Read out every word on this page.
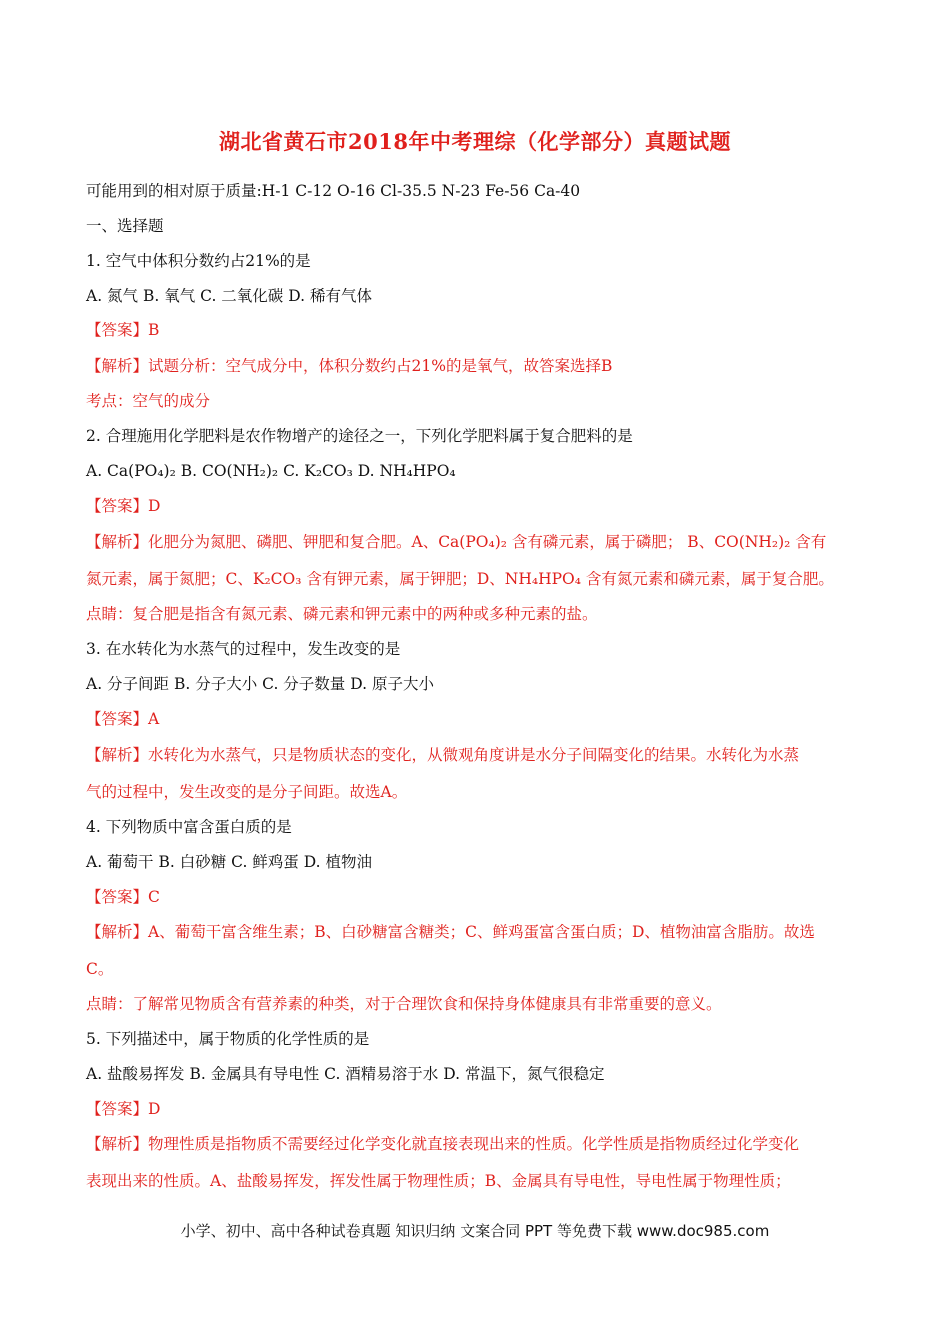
湖北省黄石市2018年中考理综（化学部分）真题试题
可能用到的相对原于质量:H-1 C-12 O-16 Cl-35.5 N-23 Fe-56 Ca-40
一、选择题
1. 空气中体积分数约占21%的是
A. 氮气 B. 氧气 C. 二氧化碳 D. 稀有气体
【答案】B
【解析】试题分析：空气成分中，体积分数约占21%的是氧气，故答案选择B
考点：空气的成分
2. 合理施用化学肥料是农作物增产的途径之一，下列化学肥料属于复合肥料的是
A. Ca(PO₄)₂ B. CO(NH₂)₂ C. K₂CO₃ D. NH₄HPO₄
【答案】D
【解析】化肥分为氮肥、磷肥、钾肥和复合肥。A、Ca(PO₄)₂ 含有磷元素，属于磷肥； B、CO(NH₂)₂ 含有
氮元素，属于氮肥；C、K₂CO₃ 含有钾元素，属于钾肥；D、NH₄HPO₄ 含有氮元素和磷元素，属于复合肥。
点睛：复合肥是指含有氮元素、磷元素和钾元素中的两种或多种元素的盐。
3. 在水转化为水蒸气的过程中，发生改变的是
A. 分子间距 B. 分子大小 C. 分子数量 D. 原子大小
【答案】A
【解析】水转化为水蒸气，只是物质状态的变化，从微观角度讲是水分子间隔变化的结果。水转化为水蒸
气的过程中，发生改变的是分子间距。故选A。
4. 下列物质中富含蛋白质的是
A. 葡萄干 B. 白砂糖 C. 鲜鸡蛋 D. 植物油
【答案】C
【解析】A、葡萄干富含维生素；B、白砂糖富含糖类；C、鲜鸡蛋富含蛋白质；D、植物油富含脂肪。故选
C。
点睛：了解常见物质含有营养素的种类，对于合理饮食和保持身体健康具有非常重要的意义。
5. 下列描述中，属于物质的化学性质的是
A. 盐酸易挥发 B. 金属具有导电性 C. 酒精易溶于水 D. 常温下，氮气很稳定
【答案】D
【解析】物理性质是指物质不需要经过化学变化就直接表现出来的性质。化学性质是指物质经过化学变化
表现出来的性质。A、盐酸易挥发，挥发性属于物理性质；B、金属具有导电性，导电性属于物理性质；
小学、初中、高中各种试卷真题 知识归纳 文案合同 PPT 等免费下载 www.doc985.com
